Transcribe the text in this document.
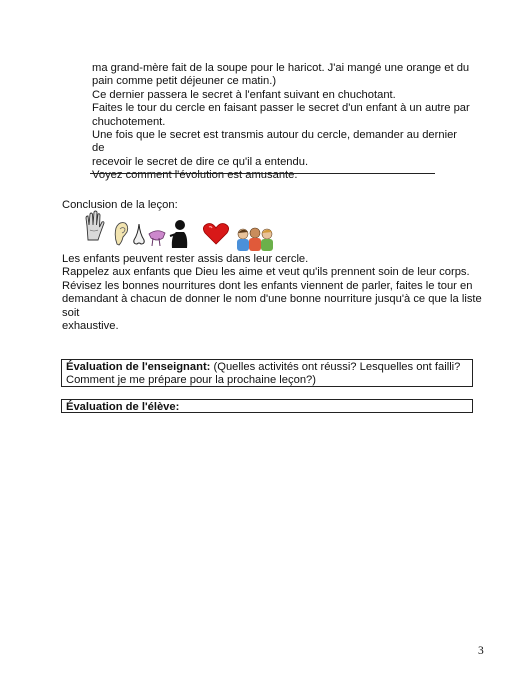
ma grand-mère fait de la soupe pour le haricot. J'ai mangé une orange et du

pain comme petit déjeuner ce matin.)

Ce dernier passera le secret à l'enfant suivant en chuchotant.

Faites le tour du cercle en faisant passer le secret d'un enfant à un autre par

chuchotement.

Une fois que le secret est transmis autour du cercle, demander au dernier de

recevoir le secret de dire ce qu'il a entendu.

Voyez comment l'évolution est amusante.

Conclusion de la leçon:

Les enfants peuvent rester assis dans leur cercle.

Rappelez aux enfants que Dieu les aime et veut qu'ils prennent soin de leur corps.

Révisez les bonnes nourritures dont les enfants viennent de parler, faites le tour en

demandant à chacun de donner le nom d'une bonne nourriture jusqu'à ce que la liste soit

exhaustive.

Évaluation de l'enseignant: (Quelles activités ont réussi? Lesquelles ont failli?
Comment je me prépare pour la prochaine leçon?)
Évaluation de l'élève:
3
